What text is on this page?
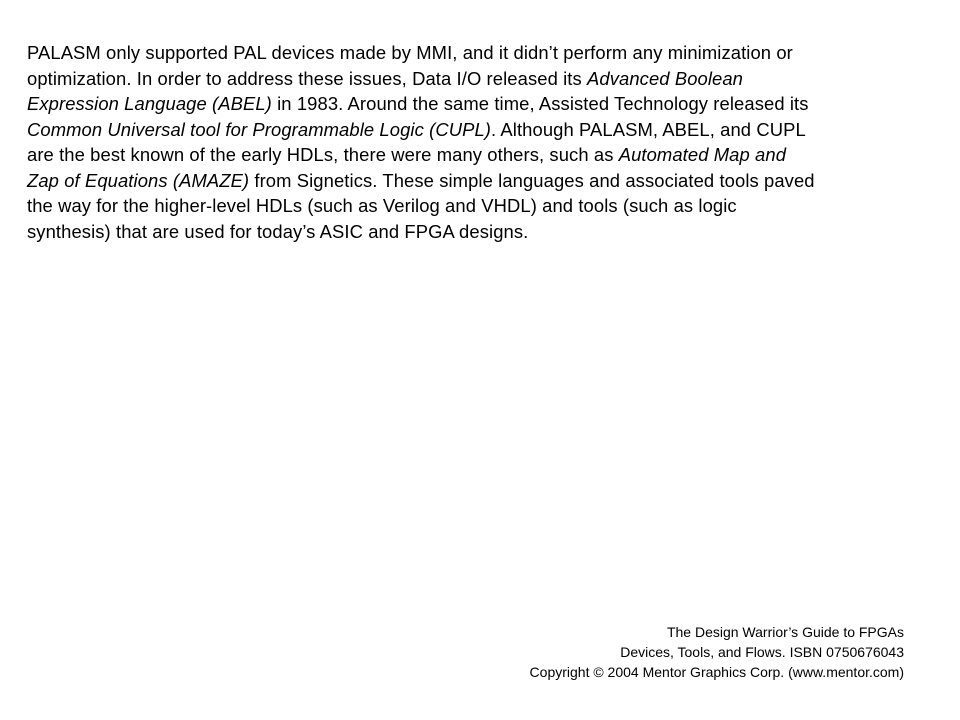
PALASM only supported PAL devices made by MMI, and it didn’t perform any minimization or
optimization. In order to address these issues, Data I/O released its Advanced Boolean
Expression Language (ABEL) in 1983. Around the same time, Assisted Technology released its
Common Universal tool for Programmable Logic (CUPL). Although PALASM, ABEL, and CUPL
are the best known of the early HDLs, there were many others, such as Automated Map and
Zap of Equations (AMAZE) from Signetics. These simple languages and associated tools paved
the way for the higher-level HDLs (such as Verilog and VHDL) and tools (such as logic
synthesis) that are used for today’s ASIC and FPGA designs.
The Design Warrior’s Guide to FPGAs
Devices, Tools, and Flows. ISBN 0750676043
Copyright © 2004 Mentor Graphics Corp. (www.mentor.com)
